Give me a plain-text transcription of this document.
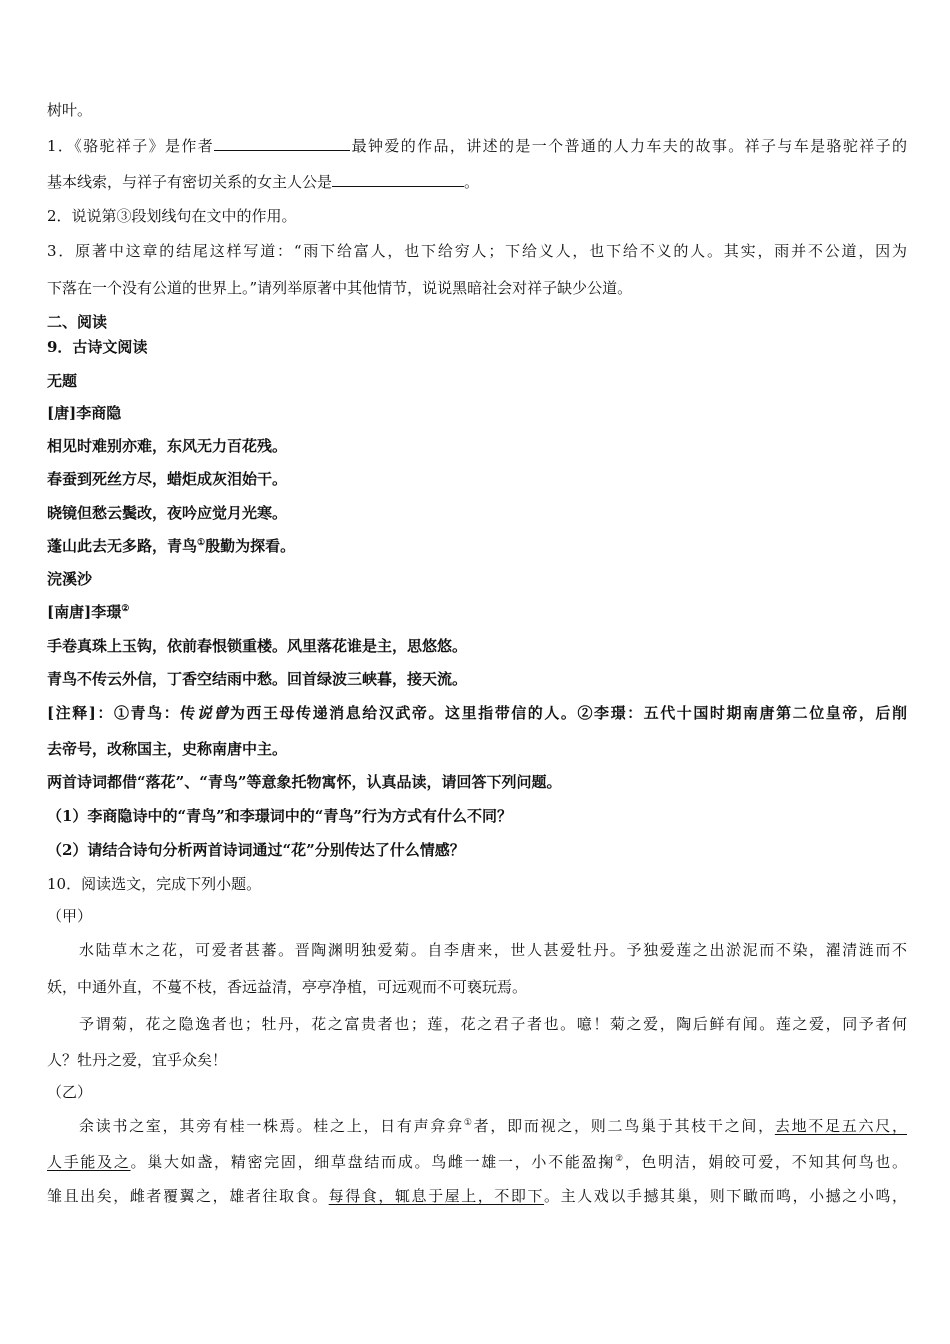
树叶。
1．《骆驼祥子》是作者	最钟爱的作品，讲述的是一个普通的人力车夫的故事。祥子与车是骆驼祥子的
基本线索，与祥子有密切关系的女主人公是	。
2．说说第③段划线句在文中的作用。
3．原著中这章的结尾这样写道：“雨下给富人，也下给穷人；下给义人，也下给不义的人。其实，雨并不公道，因为
下落在一个没有公道的世界上。”请列举原著中其他情节，说说黑暗社会对祥子缺少公道。
二、阅读
9．古诗文阅读
无题
[唐]李商隐
相见时难别亦难，东风无力百花残。
春蚕到死丝方尽，蜡炬成灰泪始干。
晓镜但愁云鬓改，夜吟应觉月光寒。
蓬山此去无多路，青鸟①殷勤为探看。
浣溪沙
[南唐]李璟②
手卷真珠上玉钩，依前春恨锁重楼。风里落花谁是主，思悠悠。
青鸟不传云外信，丁香空结雨中愁。回首绿波三峡暮，接天流。
[注释]：①青鸟：传说曾为西王母传递消息给汉武帝。这里指带信的人。②李璟：五代十国时期南唐第二位皇帝，后削
去帝号，改称国主，史称南唐中主。
两首诗词都借“落花”、“青鸟”等意象托物寓怀，认真品读，请回答下列问题。
（1）李商隐诗中的“青鸟”和李璟词中的“青鸟”行为方式有什么不同？
（2）请结合诗句分析两首诗词通过“花”分别传达了什么情感？
10．阅读选文，完成下列小题。
（甲）
水陆草木之花，可爱者甚蕃。晋陶渊明独爱菊。自李唐来，世人甚爱牡丹。予独爱莲之出淤泥而不染，濯清涟而不
妖，中通外直，不蔓不枝，香远益清，亭亭净植，可远观而不可亵玩焉。
予谓菊，花之隐逸者也；牡丹，花之富贵者也；莲，花之君子者也。噫！菊之爱，陶后鲜有闻。莲之爱，同予者何
人？牡丹之爱，宜乎众矣！
（乙）
余读书之室，其旁有桂一株焉。桂之上，日有声弇弇①者，即而视之，则二鸟巢于其枝干之间，去地不足五六尺，
人手能及之。巢大如盏，精密完固，细草盘结而成。鸟雌一雄一，小不能盈掬②，色明洁，娟皎可爱，不知其何鸟也。
雏且出矣，雌者覆翼之，雄者往取食。每得食，辄息于屋上，不即下。主人戏以手撼其巢，则下瞰而鸣，小撼之小鸣，
